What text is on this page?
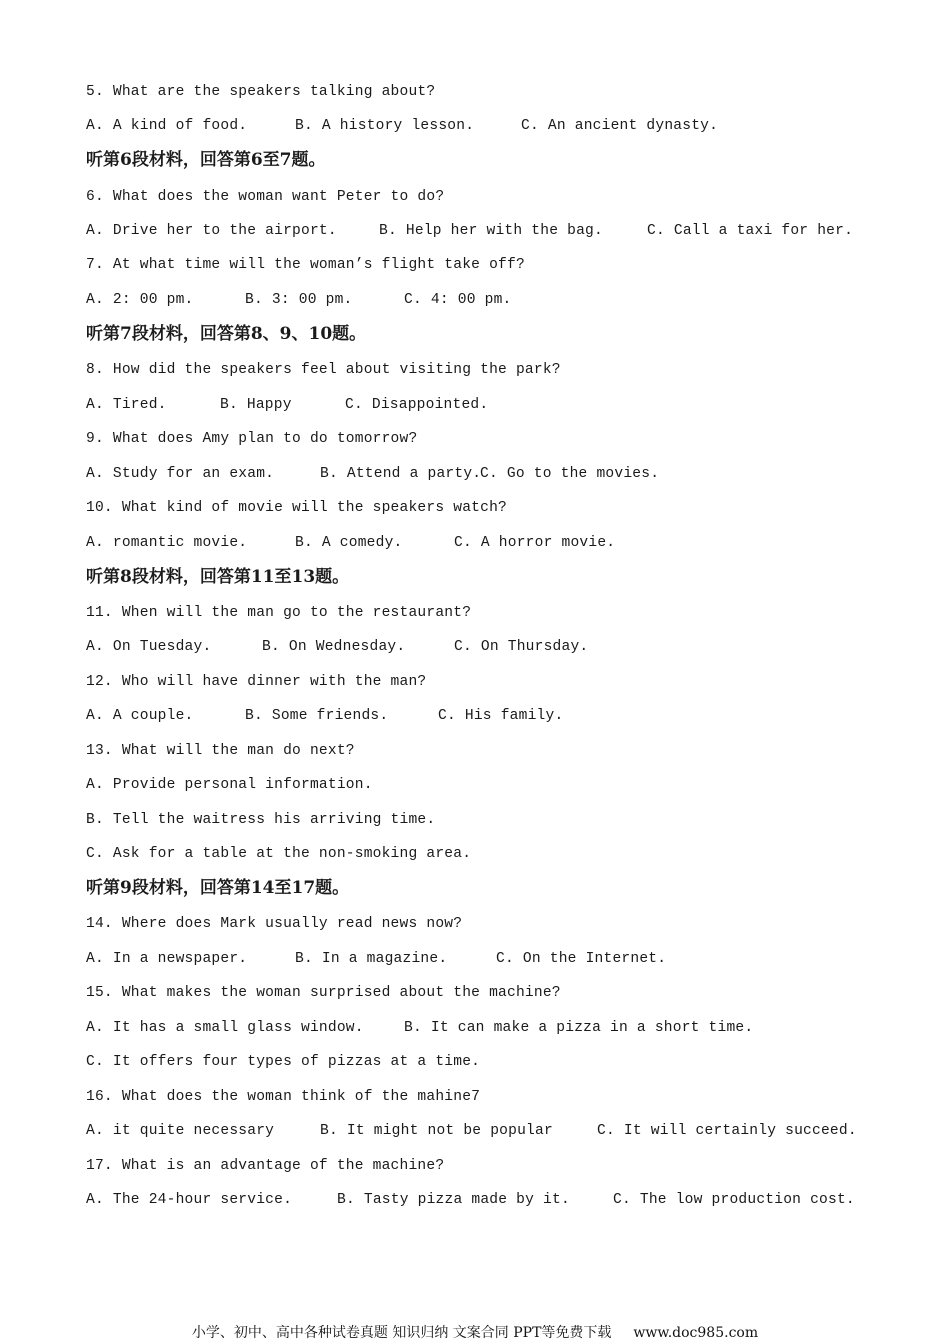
5. What are the speakers talking about?

A. A kind of food.

	B. A history lesson.

	C. An ancient dynasty.

听第6段材料，回答第6至7题。
6. What does the woman want Peter to do?

A. Drive her to the airport.

	B. Help her with the bag.

	C. Call a taxi for her.

7. At what time will the woman’s flight take off?

A. 2: 00 pm.

	B. 3: 00 pm.

	C. 4: 00 pm.

听第7段材料，回答第8、9、10题。
8. How did the speakers feel about visiting the park?

A. Tired.

	B. Happy

	C. Disappointed.

9. What does Amy plan to do tomorrow?

A. Study for an exam.

	B. Attend a party.

C. Go to the movies.

10. What kind of movie will the speakers watch?

A. romantic movie.

	B. A comedy.

	C. A horror movie.

听第8段材料，回答第11至13题。
11. When will the man go to the restaurant?

A. On Tuesday.

	B. On Wednesday.

	C. On Thursday.

12. Who will have dinner with the man?

A. A couple.

	B. Some friends.

	C. His family.

13. What will the man do next?
A. Provide personal information.
B. Tell the waitress his arriving time.
C. Ask for a table at the non-smoking area.
听第9段材料，回答第14至17题。
14. Where does Mark usually read news now?

A. In a newspaper.

	B. In a magazine.

	C. On the Internet.

15. What makes the woman surprised about the machine?

A. It has a small glass window.

	B. It can make a pizza in a short time.

C. It offers four types of pizzas at a time.
16. What does the woman think of the mahine7

A. it quite necessary

	B. It might not be popular

	C. It will certainly succeed.

17. What is an advantage of the machine?

A. The 24-hour service.

	B. Tasty pizza made by it.

	C. The low production cost.

小学、初中、高中各种试卷真题 知识归纳 文案合同 PPT等免费下载 www.doc985.com
